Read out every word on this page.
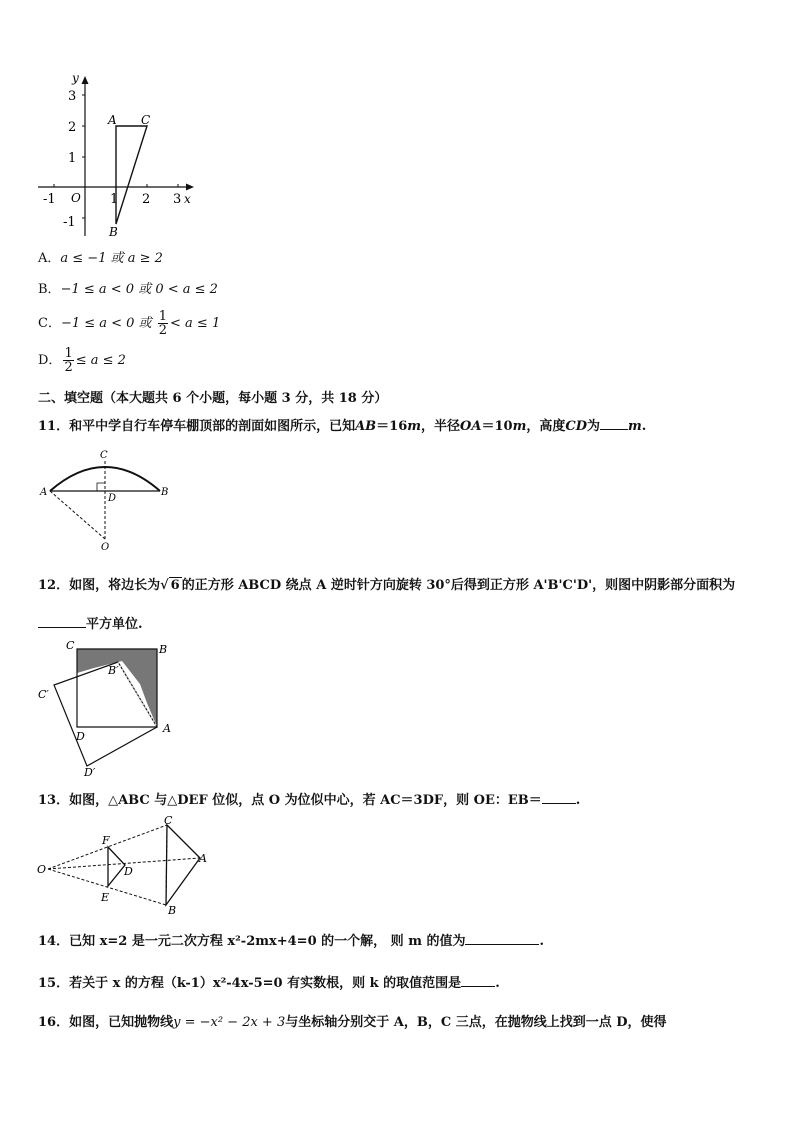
y
x
O
3
2
1
-1
-1	1 2 3
A C
B
A．a ≤ −1 或 a ≥ 2
B．−1 ≤ a < 0 或 0 < a ≤ 2
C．−1 ≤ a < 0 或 $\frac{1}{2} < a \le 1$
D． $\frac{1}{2} \le a \le 2$
二、填空题（本大题共 6 个小题，每小题 3 分，共 18 分）
11．和平中学自行车停车棚顶部的剖面如图所示，已知AB＝16m，半径OA＝10m，高度CD为 m.
C
A	B
D
O
12．如图，将边长为√ 6 的正方形 ABCD 绕点 A 逆时针方向旋转 30°后得到正方形 A'B'C'D'，则图中阴影部分面积为
平方单位.
C	B
B′
C′
D
A
D′
13．如图，△ABC 与△DEF 位似，点 O 为位似中心，若 AC＝3DF，则 OE：EB＝	.
C
F
A
O	D
E
B
14．已知 x=2 是一元二次方程 x²-2mx+4=0 的一个解， 则 m 的值为	.
15．若关于 x 的方程（k-1）x²-4x-5=0 有实数根，则 k 的取值范围是	.
16．如图，已知抛物线y = −x² − 2x + 3与坐标轴分别交于 A，B，C 三点，在抛物线上找到一点 D，使得
